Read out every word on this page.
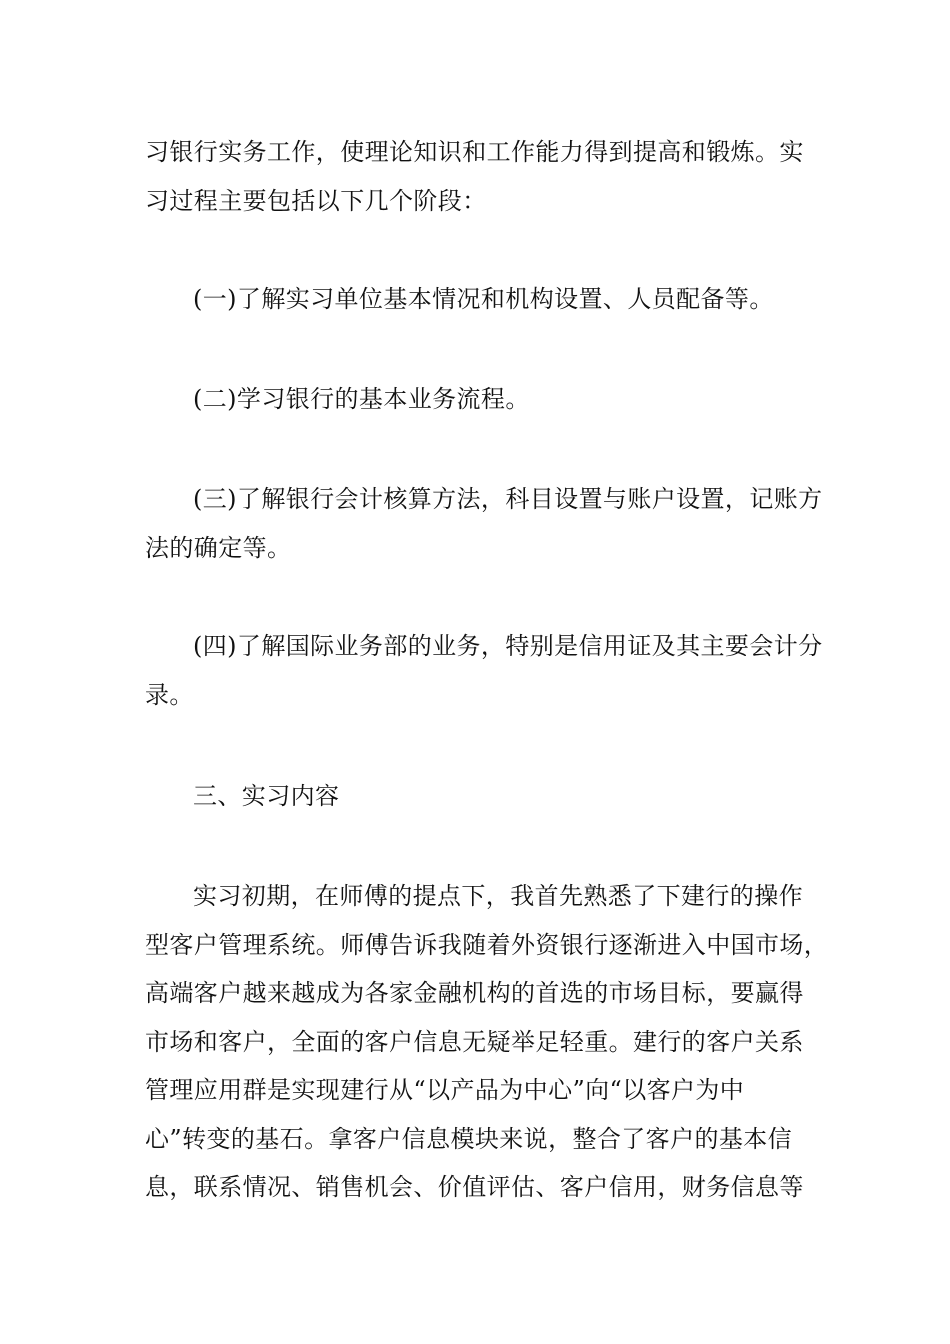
习银行实务工作，使理论知识和工作能力得到提高和锻炼。实
习过程主要包括以下几个阶段：
(一)了解实习单位基本情况和机构设置、人员配备等。
(二)学习银行的基本业务流程。
(三)了解银行会计核算方法，科目设置与账户设置，记账方
法的确定等。
(四)了解国际业务部的业务，特别是信用证及其主要会计分
录。
三、实习内容
实习初期，在师傅的提点下，我首先熟悉了下建行的操作
型客户管理系统。师傅告诉我随着外资银行逐渐进入中国市场，
高端客户越来越成为各家金融机构的首选的市场目标，要赢得
市场和客户，全面的客户信息无疑举足轻重。建行的客户关系
管理应用群是实现建行从“以产品为中心”向“以客户为中
心”转变的基石。拿客户信息模块来说，整合了客户的基本信
息，联系情况、销售机会、价值评估、客户信用，财务信息等
